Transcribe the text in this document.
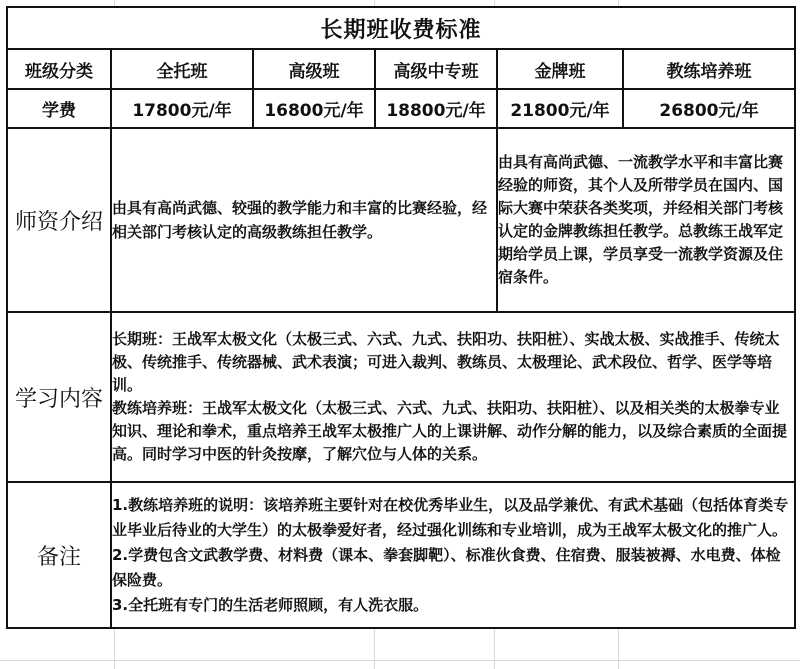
长期班收费标准					
班级分类	全托班	高级班	高级中专班	金牌班	教练培养班
学费	17800元/年	16800元/年	18800元/年	21800元/年	26800元/年
师资介绍	由具有高尚武德、较强的教学能力和丰富的比赛经验，经相关部门考核认定的高级教练担任教学。			由具有高尚武德、一流教学水平和丰富比赛经验的师资，其个人及所带学员在国内、国际大赛中荣获各类奖项，并经相关部门考核认定的金牌教练担任教学。总教练王战军定期给学员上课，学员享受一流教学资源及住宿条件。	
学习内容	长期班：王战军太极文化（太极三式、六式、九式、扶阳功、扶阳桩）、实战太极、实战推手、传统太极、传统推手、传统器械、武术表演；可进入裁判、教练员、太极理论、武术段位、哲学、医学等培训。

教练培养班：王战军太极文化（太极三式、六式、九式、扶阳功、扶阳桩）、以及相关类的太极拳专业知识、理论和拳术，重点培养王战军太极推广人的上课讲解、动作分解的能力，以及综合素质的全面提高。同时学习中医的针灸按摩，了解穴位与人体的关系。				

备注	1.教练培养班的说明：该培养班主要针对在校优秀毕业生，以及品学兼优、有武术基础（包括体育类专业毕业后待业的大学生）的太极拳爱好者，经过强化训练和专业培训，成为王战军太极文化的推广人。

2.学费包含文武教学费、材料费（课本、拳套脚靶）、标准伙食费、住宿费、服装被褥、水电费、体检保险费。

3.全托班有专门的生活老师照顾，有人洗衣服。				
